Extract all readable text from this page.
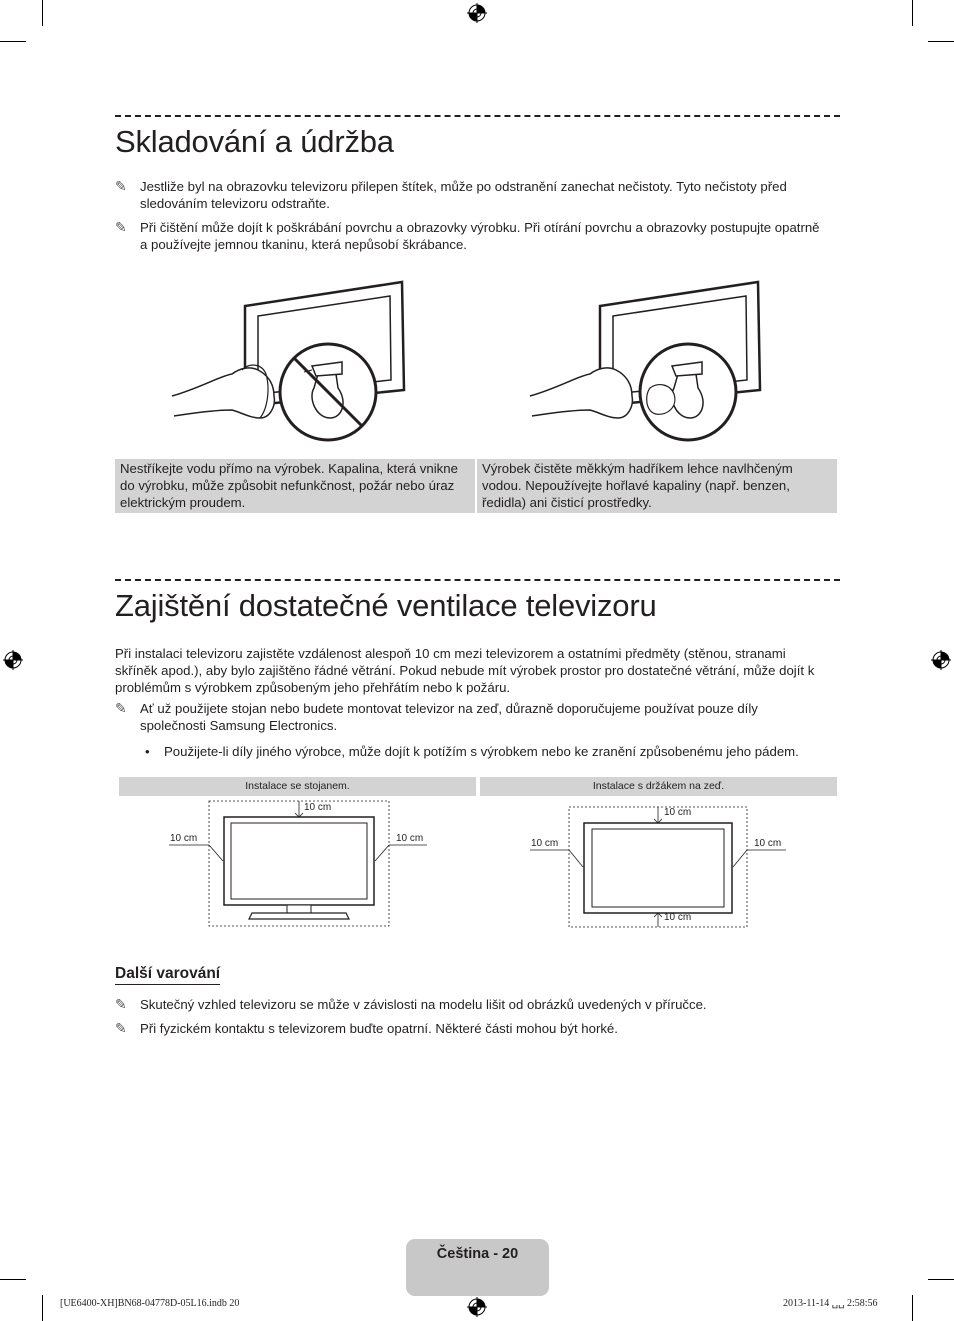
Skladování a údržba
✎ Jestliže byl na obrazovku televizoru přilepen štítek, může po odstranění zanechat nečistoty. Tyto nečistoty před sledováním televizoru odstraňte.
✎ Při čištění může dojít k poškrábání povrchu a obrazovky výrobku. Při otírání povrchu a obrazovky postupujte opatrně a používejte jemnou tkaninu, která nepůsobí škrábance.
Nestříkejte vodu přímo na výrobek. Kapalina, která vnikne do výrobku, může způsobit nefunkčnost, požár nebo úraz elektrickým proudem.
Výrobek čistěte měkkým hadříkem lehce navlhčeným vodou. Nepoužívejte hořlavé kapaliny (např. benzen, ředidla) ani čisticí prostředky.
Zajištění dostatečné ventilace televizoru

Při instalaci televizoru zajistěte vzdálenost alespoň 10 cm mezi televizorem a ostatními předměty (stěnou, stranami skříněk apod.), aby bylo zajištěno řádné větrání. Pokud nebude mít výrobek prostor pro dostatečné větrání, může dojít k problémům s výrobkem způsobeným jeho přehřátím nebo k požáru.

✎ Ať už použijete stojan nebo budete montovat televizor na zeď, důrazně doporučujeme používat pouze díly společnosti Samsung Electronics.
• Použijete-li díly jiného výrobce, může dojít k potížím s výrobkem nebo ke zranění způsobenému jeho pádem.
Instalace se stojanem.	Instalace s držákem na zeď.
10 cm
10 cm	10 cm
10 cm
10 cm	10 cm
10 cm
Další varování
✎ Skutečný vzhled televizoru se může v závislosti na modelu lišit od obrázků uvedených v příručce.
✎ Při fyzickém kontaktu s televizorem buďte opatrní. Některé části mohou být horké.
Čeština - 20
[UE6400-XH]BN68-04778D-05L16.indb 20	2013-11-14 ␣␣ 2:58:56
